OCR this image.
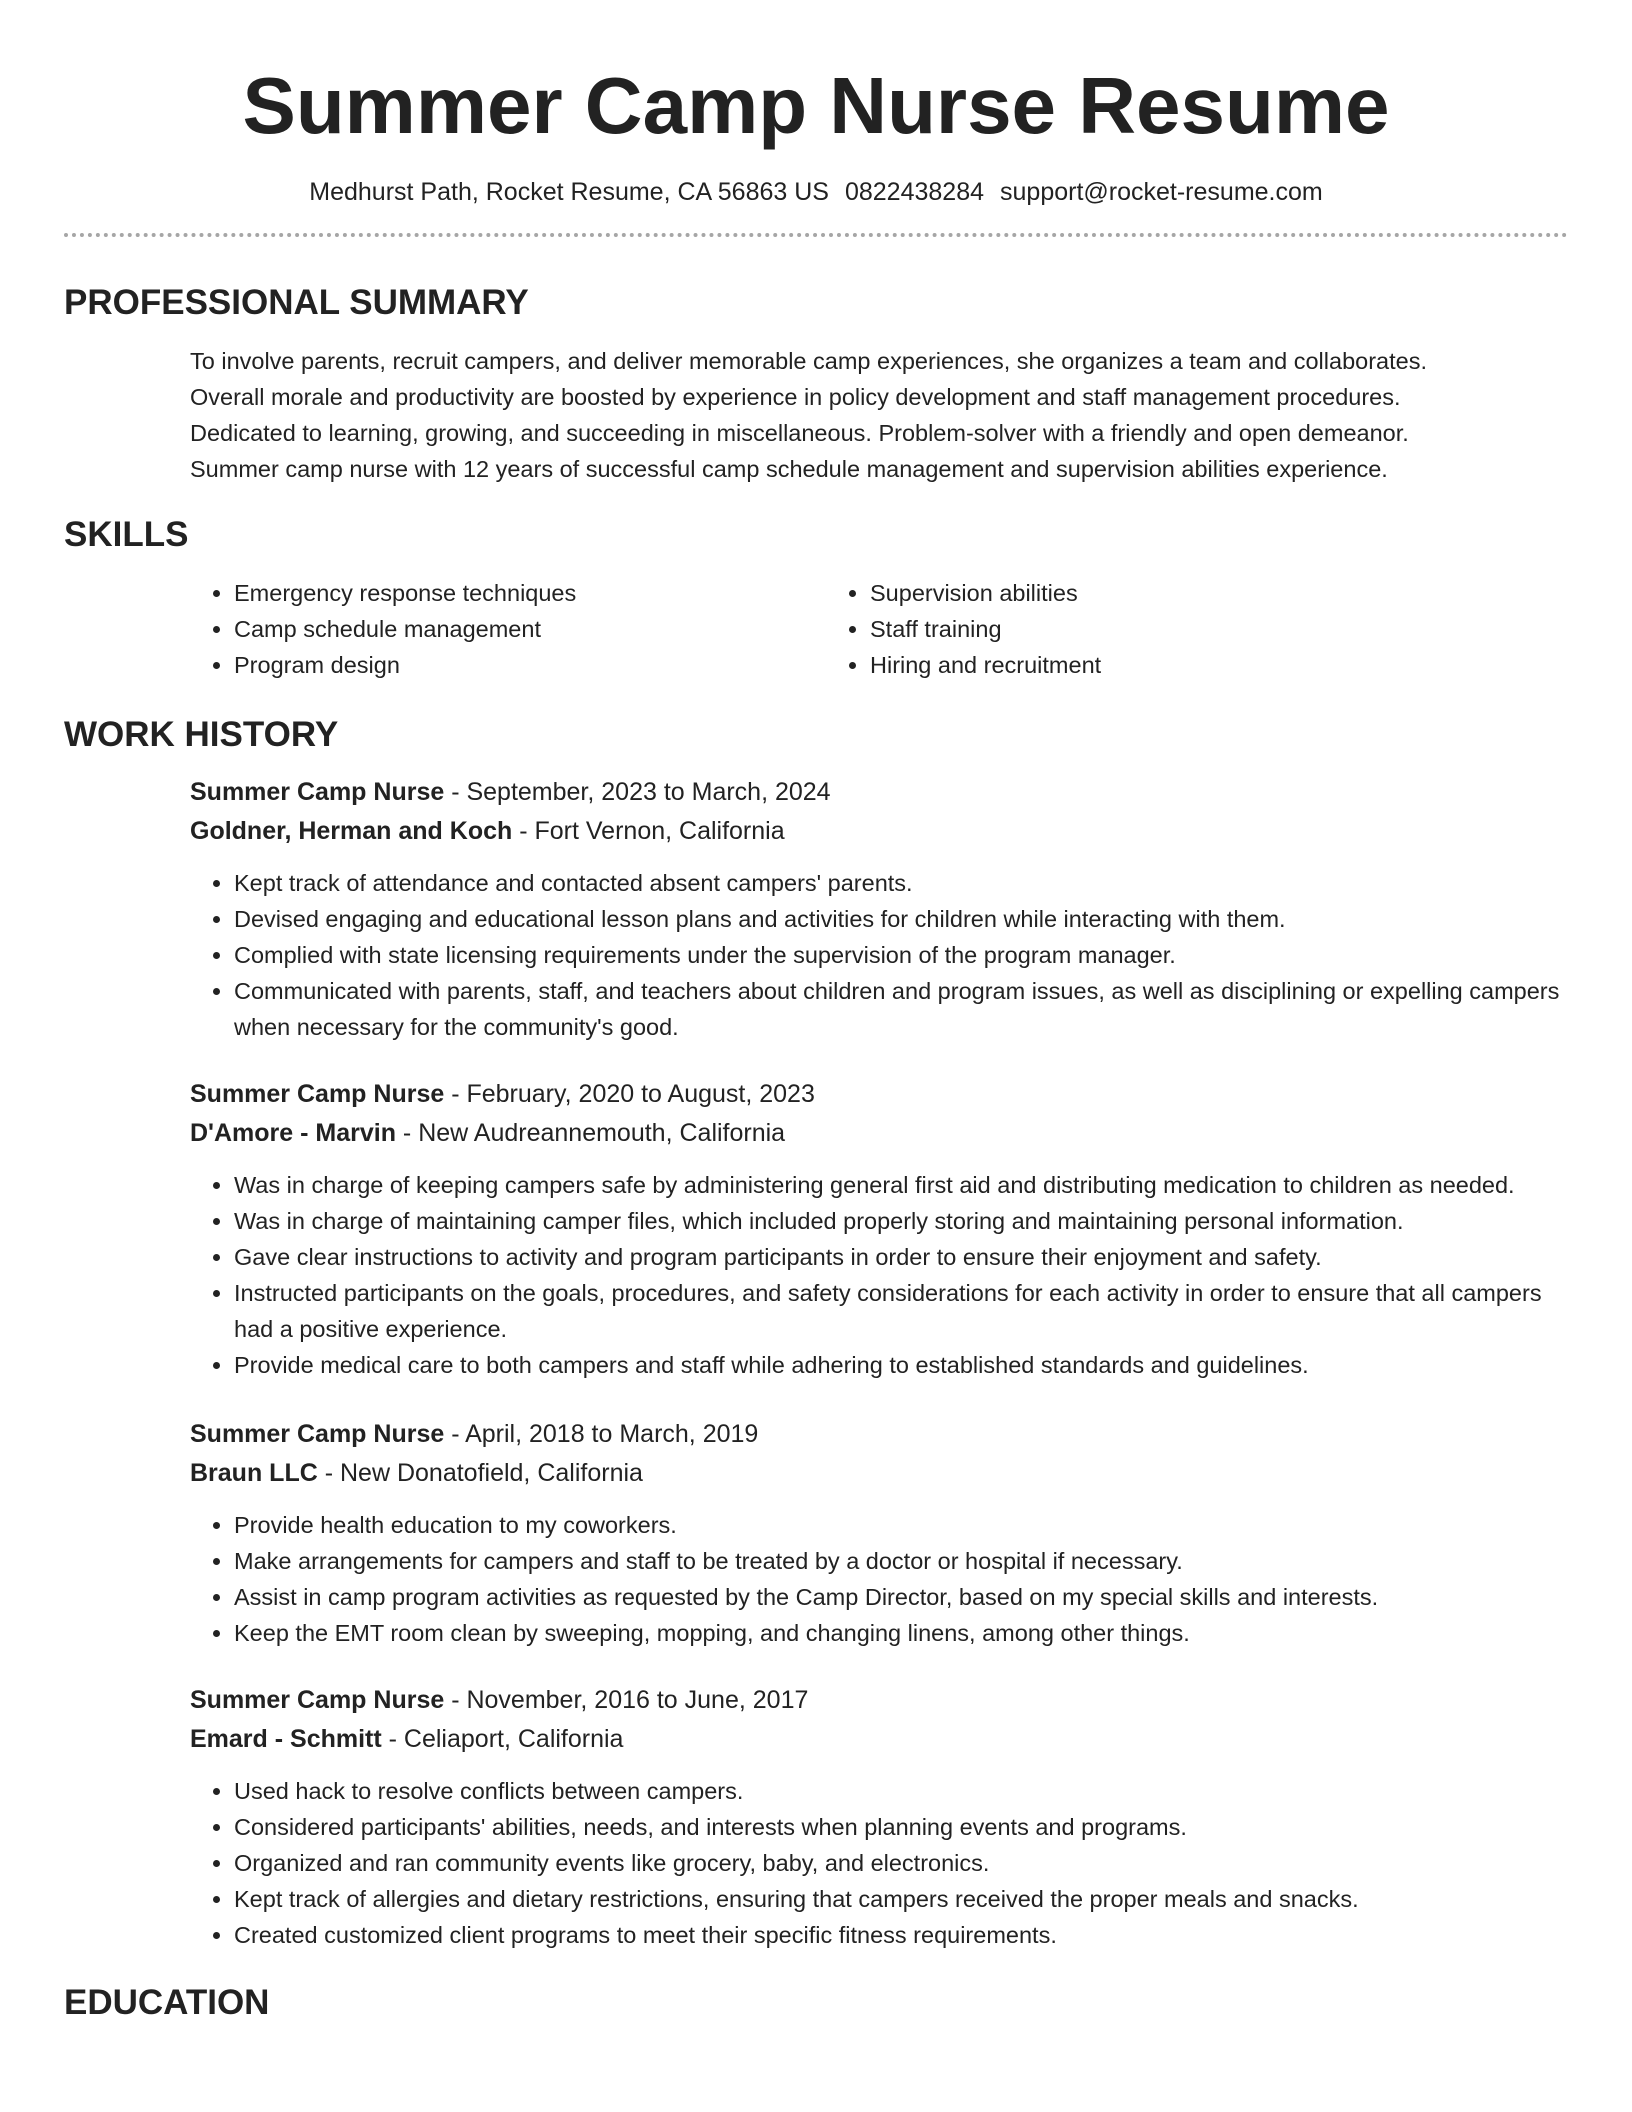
Summer Camp Nurse Resume
Medhurst Path, Rocket Resume, CA 56863 US 0822438284 support@rocket-resume.com
PROFESSIONAL SUMMARY

To involve parents, recruit campers, and deliver memorable camp experiences, she organizes a team and collaborates.
Overall morale and productivity are boosted by experience in policy development and staff management procedures.
Dedicated to learning, growing, and succeeding in miscellaneous. Problem-solver with a friendly and open demeanor.
Summer camp nurse with 12 years of successful camp schedule management and supervision abilities experience.

SKILLS
• Emergency response techniques
• Camp schedule management
• Program design
• Supervision abilities
• Staff training
• Hiring and recruitment
WORK HISTORY

Summer Camp Nurse - September, 2023 to March, 2024

Goldner, Herman and Koch - Fort Vernon, California

• Kept track of attendance and contacted absent campers' parents.
• Devised engaging and educational lesson plans and activities for children while interacting with them.
• Complied with state licensing requirements under the supervision of the program manager.
• Communicated with parents, staff, and teachers about children and program issues, as well as disciplining or expelling campers when necessary for the community's good.

Summer Camp Nurse - February, 2020 to August, 2023

D'Amore - Marvin - New Audreannemouth, California

• Was in charge of keeping campers safe by administering general first aid and distributing medication to children as needed.
• Was in charge of maintaining camper files, which included properly storing and maintaining personal information.
• Gave clear instructions to activity and program participants in order to ensure their enjoyment and safety.
• Instructed participants on the goals, procedures, and safety considerations for each activity in order to ensure that all campers had a positive experience.
• Provide medical care to both campers and staff while adhering to established standards and guidelines.

Summer Camp Nurse - April, 2018 to March, 2019

Braun LLC - New Donatofield, California

• Provide health education to my coworkers.
• Make arrangements for campers and staff to be treated by a doctor or hospital if necessary.
• Assist in camp program activities as requested by the Camp Director, based on my special skills and interests.
• Keep the EMT room clean by sweeping, mopping, and changing linens, among other things.

Summer Camp Nurse - November, 2016 to June, 2017

Emard - Schmitt - Celiaport, California

• Used hack to resolve conflicts between campers.
• Considered participants' abilities, needs, and interests when planning events and programs.
• Organized and ran community events like grocery, baby, and electronics.
• Kept track of allergies and dietary restrictions, ensuring that campers received the proper meals and snacks.
• Created customized client programs to meet their specific fitness requirements.
EDUCATION
